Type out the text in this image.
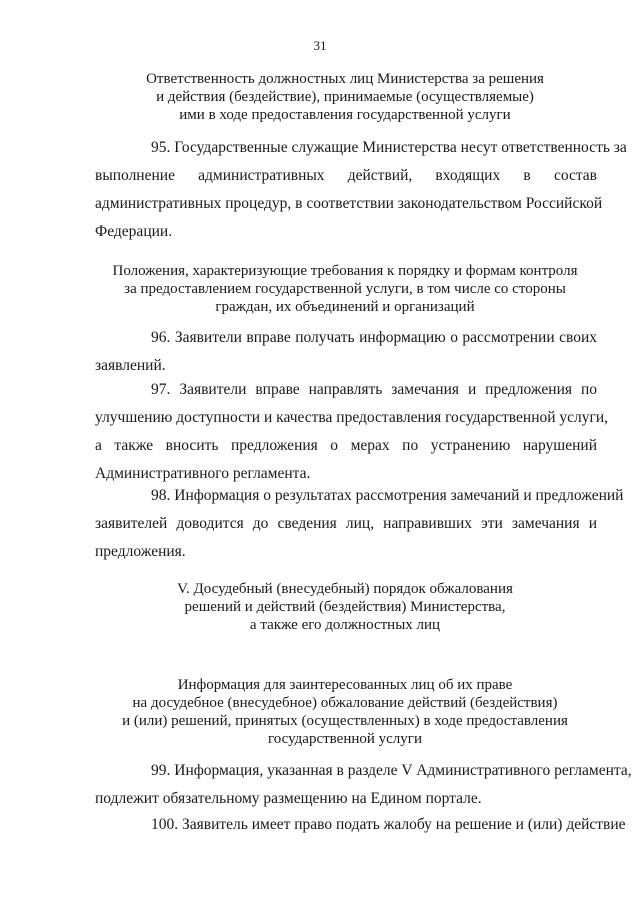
31
Ответственность должностных лиц Министерства за решения
и действия (бездействие), принимаемые (осуществляемые)
ими в ходе предоставления государственной услуги
95. Государственные служащие Министерства несут ответственность за
выполнение административных действий, входящих в состав
административных процедур, в соответствии законодательством Российской
Федерации.
Положения, характеризующие требования к порядку и формам контроля
за предоставлением государственной услуги, в том числе со стороны
граждан, их объединений и организаций
96. Заявители вправе получать информацию о рассмотрении своих
заявлений.
97. Заявители вправе направлять замечания и предложения по
улучшению доступности и качества предоставления государственной услуги,
а также вносить предложения о мерах по устранению нарушений
Административного регламента.
98. Информация о результатах рассмотрения замечаний и предложений
заявителей доводится до сведения лиц, направивших эти замечания и
предложения.
V. Досудебный (внесудебный) порядок обжалования
решений и действий (бездействия) Министерства,
а также его должностных лиц
Информация для заинтересованных лиц об их праве
на досудебное (внесудебное) обжалование действий (бездействия)
и (или) решений, принятых (осуществленных) в ходе предоставления
государственной услуги
99. Информация, указанная в разделе V Административного регламента,
подлежит обязательному размещению на Едином портале.
100. Заявитель имеет право подать жалобу на решение и (или) действие
